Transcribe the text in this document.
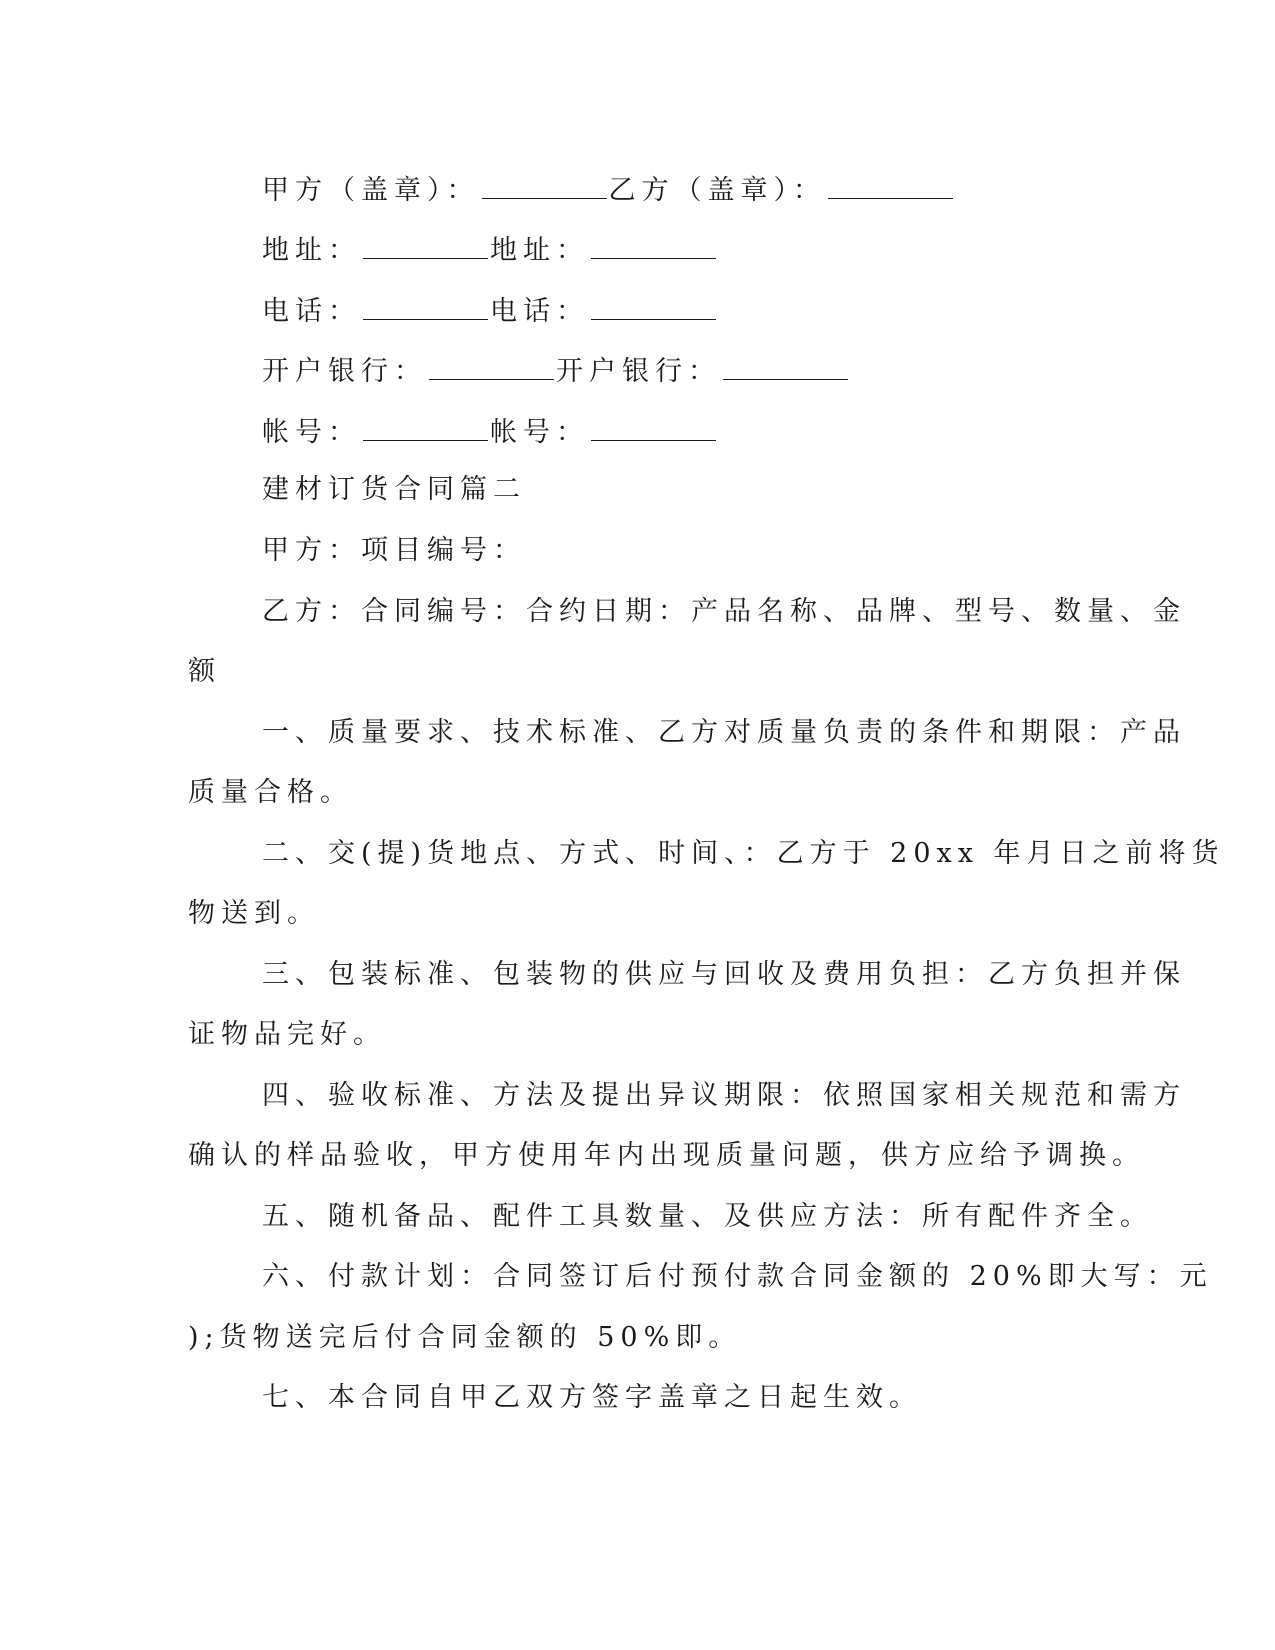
甲方（盖章）：	乙方（盖章）：
地址：	地址：
电话：	电话：
开户银行：	开户银行：
帐号：	帐号：
建材订货合同篇二
甲方：项目编号：
乙方：合同编号：合约日期：产品名称、品牌、型号、数量、金
额
一、质量要求、技术标准、乙方对质量负责的条件和期限：产品
质量合格。
二、交(提)货地点、方式、时间、：乙方于 20xx 年月日之前将货
物送到。
三、包装标准、包装物的供应与回收及费用负担：乙方负担并保
证物品完好。
四、验收标准、方法及提出异议期限：依照国家相关规范和需方
确认的样品验收，甲方使用年内出现质量问题，供方应给予调换。
五、随机备品、配件工具数量、及供应方法：所有配件齐全。
六、付款计划：合同签订后付预付款合同金额的 20%即大写：元
);货物送完后付合同金额的 50%即。
七、本合同自甲乙双方签字盖章之日起生效。
